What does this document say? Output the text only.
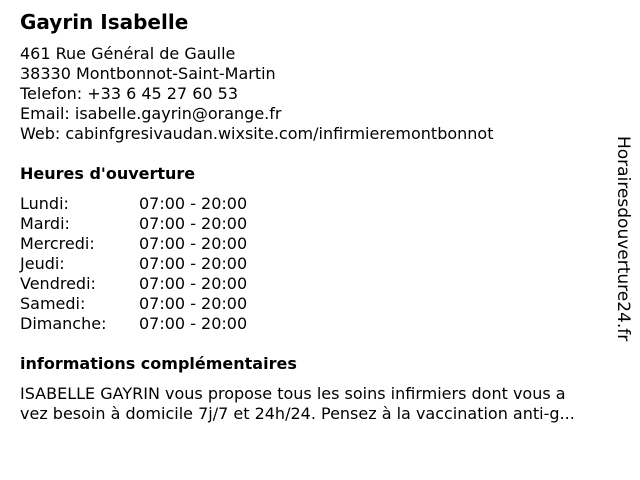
Gayrin Isabelle
461 Rue Général de Gaulle
38330 Montbonnot-Saint-Martin
Telefon: +33 6 45 27 60 53
Email: isabelle.gayrin@orange.fr
Web: cabinfgresivaudan.wixsite.com/infirmieremontbonnot
Heures d'ouverture
Lundi:	07:00 - 20:00
Mardi:	07:00 - 20:00
Mercredi:	07:00 - 20:00
Jeudi:	07:00 - 20:00
Vendredi:	07:00 - 20:00
Samedi:	07:00 - 20:00
Dimanche: 07:00 - 20:00
informations complémentaires
ISABELLE GAYRIN vous propose tous les soins infirmiers dont vous a
vez besoin à domicile 7j/7 et 24h/24. Pensez à la vaccination anti-g...
Horairesdouverture24.fr
